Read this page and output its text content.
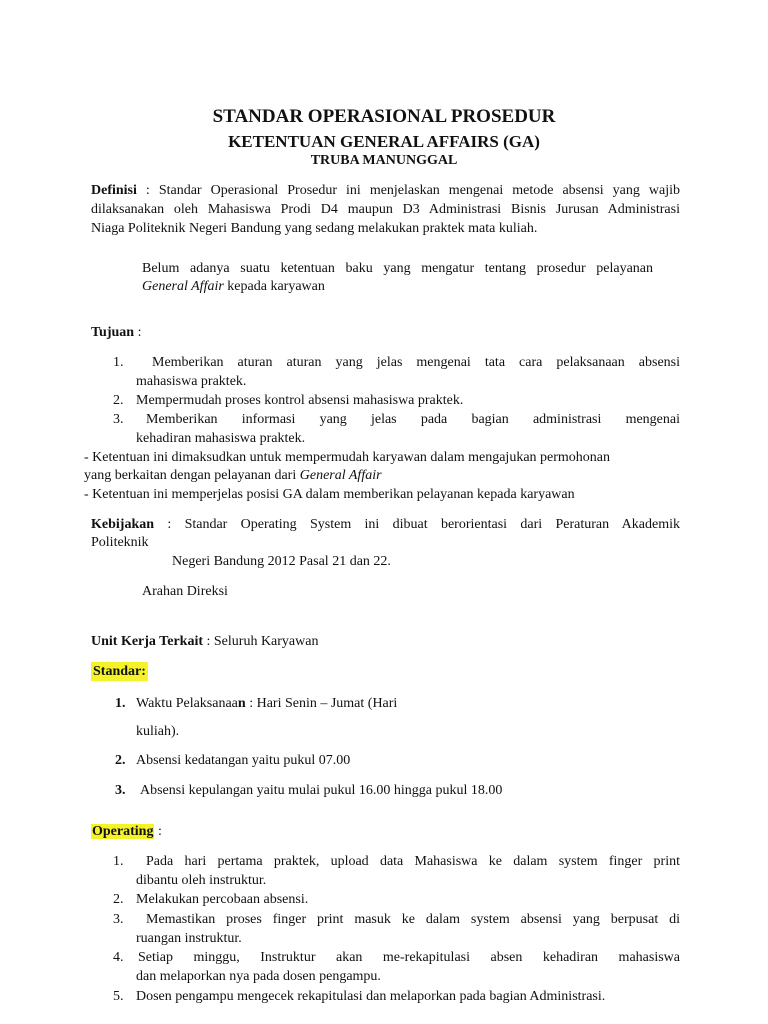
STANDAR OPERASIONAL PROSEDUR
KETENTUAN GENERAL AFFAIRS (GA)
TRUBA MANUNGGAL
Definisi : Standar Operasional Prosedur ini menjelaskan mengenai metode absensi yang wajib
dilaksanakan oleh Mahasiswa Prodi D4 maupun D3 Administrasi Bisnis Jurusan Administrasi
Niaga Politeknik Negeri Bandung yang sedang melakukan praktek mata kuliah.
Belum adanya suatu ketentuan baku yang mengatur tentang prosedur pelayanan
General Affair kepada karyawan
Tujuan :
1. Memberikan aturan aturan yang jelas mengenai tata cara pelaksanaan absensi
mahasiswa praktek.
2. Mempermudah proses kontrol absensi mahasiswa praktek.
3. Memberikan informasi yang jelas pada bagian administrasi mengenai
kehadiran mahasiswa praktek.
- Ketentuan ini dimaksudkan untuk mempermudah karyawan dalam mengajukan permohonan
yang berkaitan dengan pelayanan dari General Affair
- Ketentuan ini memperjelas posisi GA dalam memberikan pelayanan kepada karyawan
Kebijakan : Standar Operating System ini dibuat berorientasi dari Peraturan Akademik
Politeknik
Negeri Bandung 2012 Pasal 21 dan 22.
Arahan Direksi
Unit Kerja Terkait : Seluruh Karyawan
Standar:
1. Waktu Pelaksanaan : Hari Senin – Jumat (Hari
kuliah).
2. Absensi kedatangan yaitu pukul 07.00
3. Absensi kepulangan yaitu mulai pukul 16.00 hingga pukul 18.00
Operating :
1. Pada hari pertama praktek, upload data Mahasiswa ke dalam system finger print
dibantu oleh instruktur.
2. Melakukan percobaan absensi.
3. Memastikan proses finger print masuk ke dalam system absensi yang berpusat di
ruangan instruktur.
4. Setiap minggu, Instruktur akan me-rekapitulasi absen kehadiran mahasiswa
dan melaporkan nya pada dosen pengampu.
5. Dosen pengampu mengecek rekapitulasi dan melaporkan pada bagian Administrasi.
